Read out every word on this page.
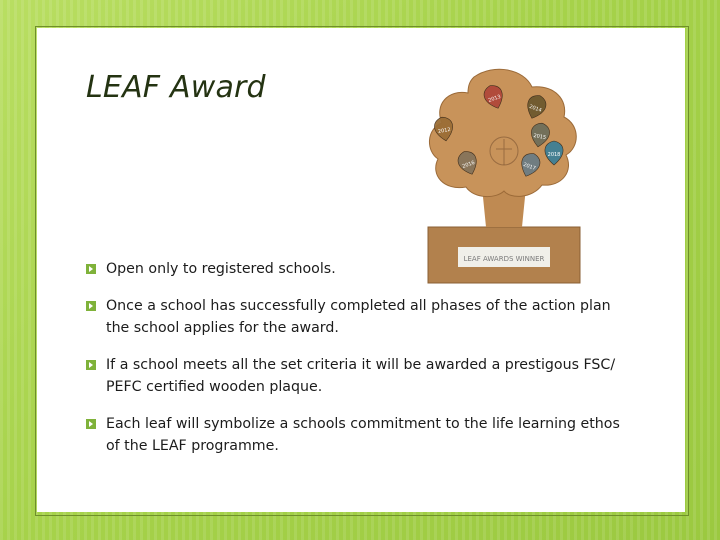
LEAF Award	2013
2014
2012
2015
2016	2017
2018
LEAF AWARDS WINNER
Open only to registered schools.
Once a school has successfully completed all phases of the action plan the school applies for the award.
If a school meets all the set criteria it will be awarded a prestigous FSC/ PEFC certified wooden plaque.
Each leaf will symbolize a schools commitment to the life learning ethos of the LEAF programme.
